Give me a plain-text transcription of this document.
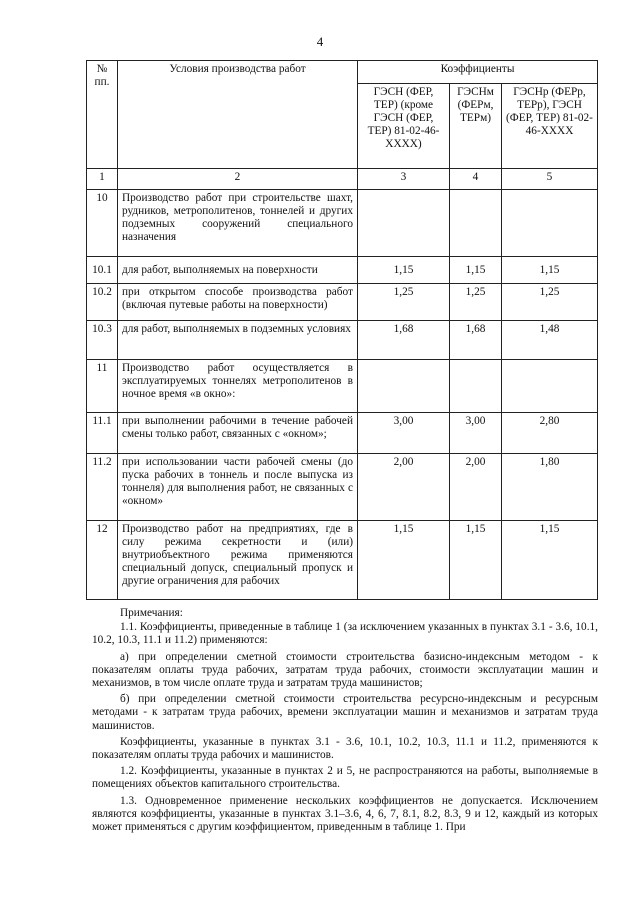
4
№ пп.	Условия производства работ	Коэффициенты		
		ГЭСН (ФЕР, ТЕР) (кроме ГЭСН (ФЕР, ТЕР) 81-02-46-XXXX)	ГЭСНм (ФЕРм, ТЕРм)	ГЭСНр (ФЕРр, ТЕРр), ГЭСН (ФЕР, ТЕР) 81-02-46-XXXX
1	2	3	4	5
10	Производство работ при строительстве шахт, рудников, метрополитенов, тоннелей и других подземных сооружений специального назначения			
10.1	для работ, выполняемых на поверхности	1,15	1,15	1,15
10.2	при открытом способе производства работ (включая путевые работы на поверхности)	1,25	1,25	1,25
10.3	для работ, выполняемых в подземных условиях	1,68	1,68	1,48
11	Производство работ осуществляется в эксплуатируемых тоннелях метрополитенов в ночное время «в окно»:			
11.1	при выполнении рабочими в течение рабочей смены только работ, связанных с «окном»;	3,00	3,00	2,80
11.2	при использовании части рабочей смены (до пуска рабочих в тоннель и после выпуска из тоннеля) для выполнения работ, не связанных с «окном»	2,00	2,00	1,80
12	Производство работ на предприятиях, где в силу режима секретности и (или) внутриобъектного режима применяются специальный допуск, специальный пропуск и другие ограничения для рабочих	1,15	1,15	1,15

Примечания:

1.1. Коэффициенты, приведенные в таблице 1 (за исключением указанных в пунктах 3.1 - 3.6, 10.1, 10.2, 10.3, 11.1 и 11.2) применяются:

а) при определении сметной стоимости строительства базисно-индексным методом - к показателям оплаты труда рабочих, затратам труда рабочих, стоимости эксплуатации машин и механизмов, в том числе оплате труда и затратам труда машинистов;

б) при определении сметной стоимости строительства ресурсно-индексным и ресурсным методами - к затратам труда рабочих, времени эксплуатации машин и механизмов и затратам труда машинистов.

Коэффициенты, указанные в пунктах 3.1 - 3.6, 10.1, 10.2, 10.3, 11.1 и 11.2, применяются к показателям оплаты труда рабочих и машинистов.

1.2. Коэффициенты, указанные в пунктах 2 и 5, не распространяются на работы, выполняемые в помещениях объектов капитального строительства.

1.3. Одновременное применение нескольких коэффициентов не допускается. Исключением являются коэффициенты, указанные в пунктах 3.1–3.6, 4, 6, 7, 8.1, 8.2, 8.3, 9 и 12, каждый из которых может применяться с другим коэффициентом, приведенным в таблице 1. При
